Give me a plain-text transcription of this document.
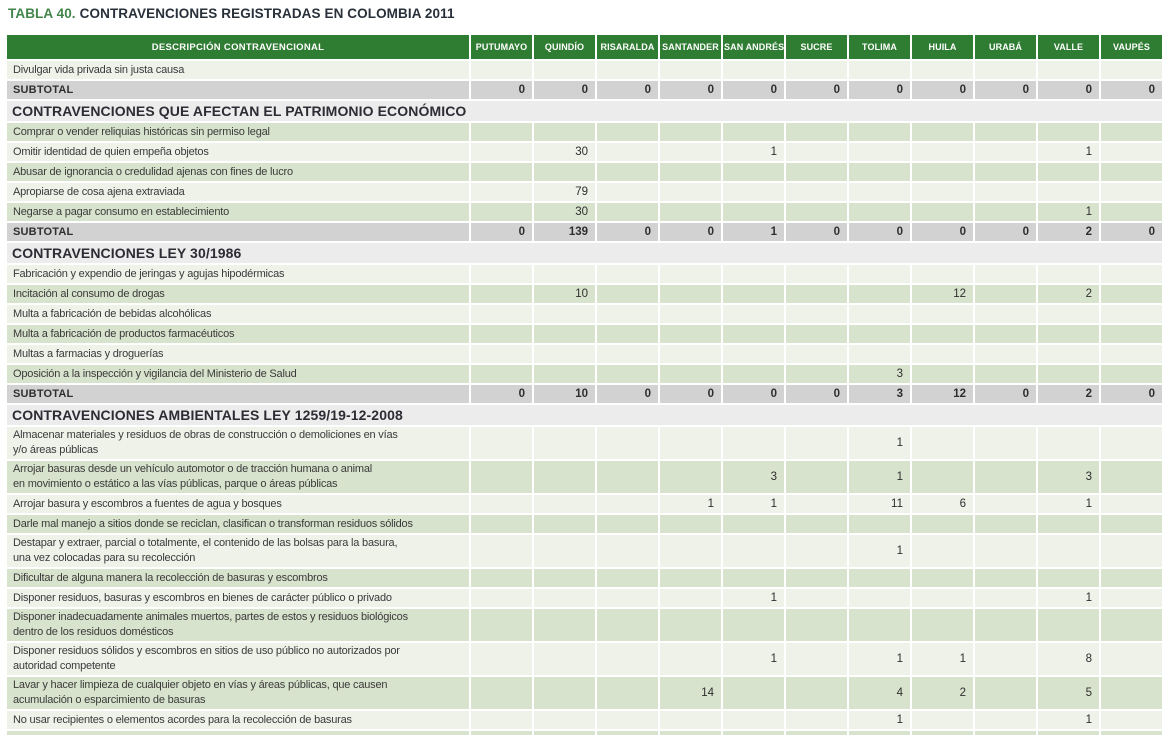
TABLA 40. CONTRAVENCIONES REGISTRADAS EN COLOMBIA 2011
DESCRIPCIÓN CONTRAVENCIONAL	PUTUMAYO	QUINDÍO	RISARALDA	SANTANDER	SAN ANDRÉS	SUCRE	TOLIMA	HUILA	URABÁ	VALLE	VAUPÉS

Divulgar vida privada sin justa causa											

SUBTOTAL	0	0	0	0	0	0	0	0	0	0	0
CONTRAVENCIONES QUE AFECTAN EL PATRIMONIO ECONÓMICO											

Comprar o vender reliquias históricas sin permiso legal											

Omitir identidad de quien empeña objetos		30			1					1	

Abusar de ignorancia o credulidad ajenas con fines de lucro											

Apropiarse de cosa ajena extraviada		79									

Negarse a pagar consumo en establecimiento		30								1	

SUBTOTAL	0	139	0	0	1	0	0	0	0	2	0
CONTRAVENCIONES LEY 30/1986											

Fabricación y expendio de jeringas y agujas hipodérmicas											

Incitación al consumo de drogas		10						12		2	

Multa a fabricación de bebidas alcohólicas											

Multa a fabricación de productos farmacéuticos											

Multas a farmacias y droguerías											

Oposición a la inspección y vigilancia del Ministerio de Salud							3				

SUBTOTAL	0	10	0	0	0	0	3	12	0	2	0
CONTRAVENCIONES AMBIENTALES LEY 1259/19-12-2008											

Almacenar materiales y residuos de obras de construcción o demoliciones en vías
y/o áreas públicas							1				

Arrojar basuras desde un vehículo automotor o de tracción humana o animal
en movimiento o estático a las vías públicas, parque o áreas públicas					3		1			3	

Arrojar basura y escombros a fuentes de agua y bosques				1	1		11	6		1	

Darle mal manejo a sitios donde se reciclan, clasifican o transforman residuos sólidos											

Destapar y extraer, parcial o totalmente, el contenido de las bolsas para la basura,
una vez colocadas para su recolección							1				

Dificultar de alguna manera la recolección de basuras y escombros											

Disponer residuos, basuras y escombros en bienes de carácter público o privado					1					1	

Disponer inadecuadamente animales muertos, partes de estos y residuos biológicos
dentro de los residuos domésticos											

Disponer residuos sólidos y escombros en sitios de uso público no autorizados por
autoridad competente					1		1	1		8	

Lavar y hacer limpieza de cualquier objeto en vías y áreas públicas, que causen
acumulación o esparcimiento de basuras				14			4	2		5	

No usar recipientes o elementos acordes para la recolección de basuras							1			1	
